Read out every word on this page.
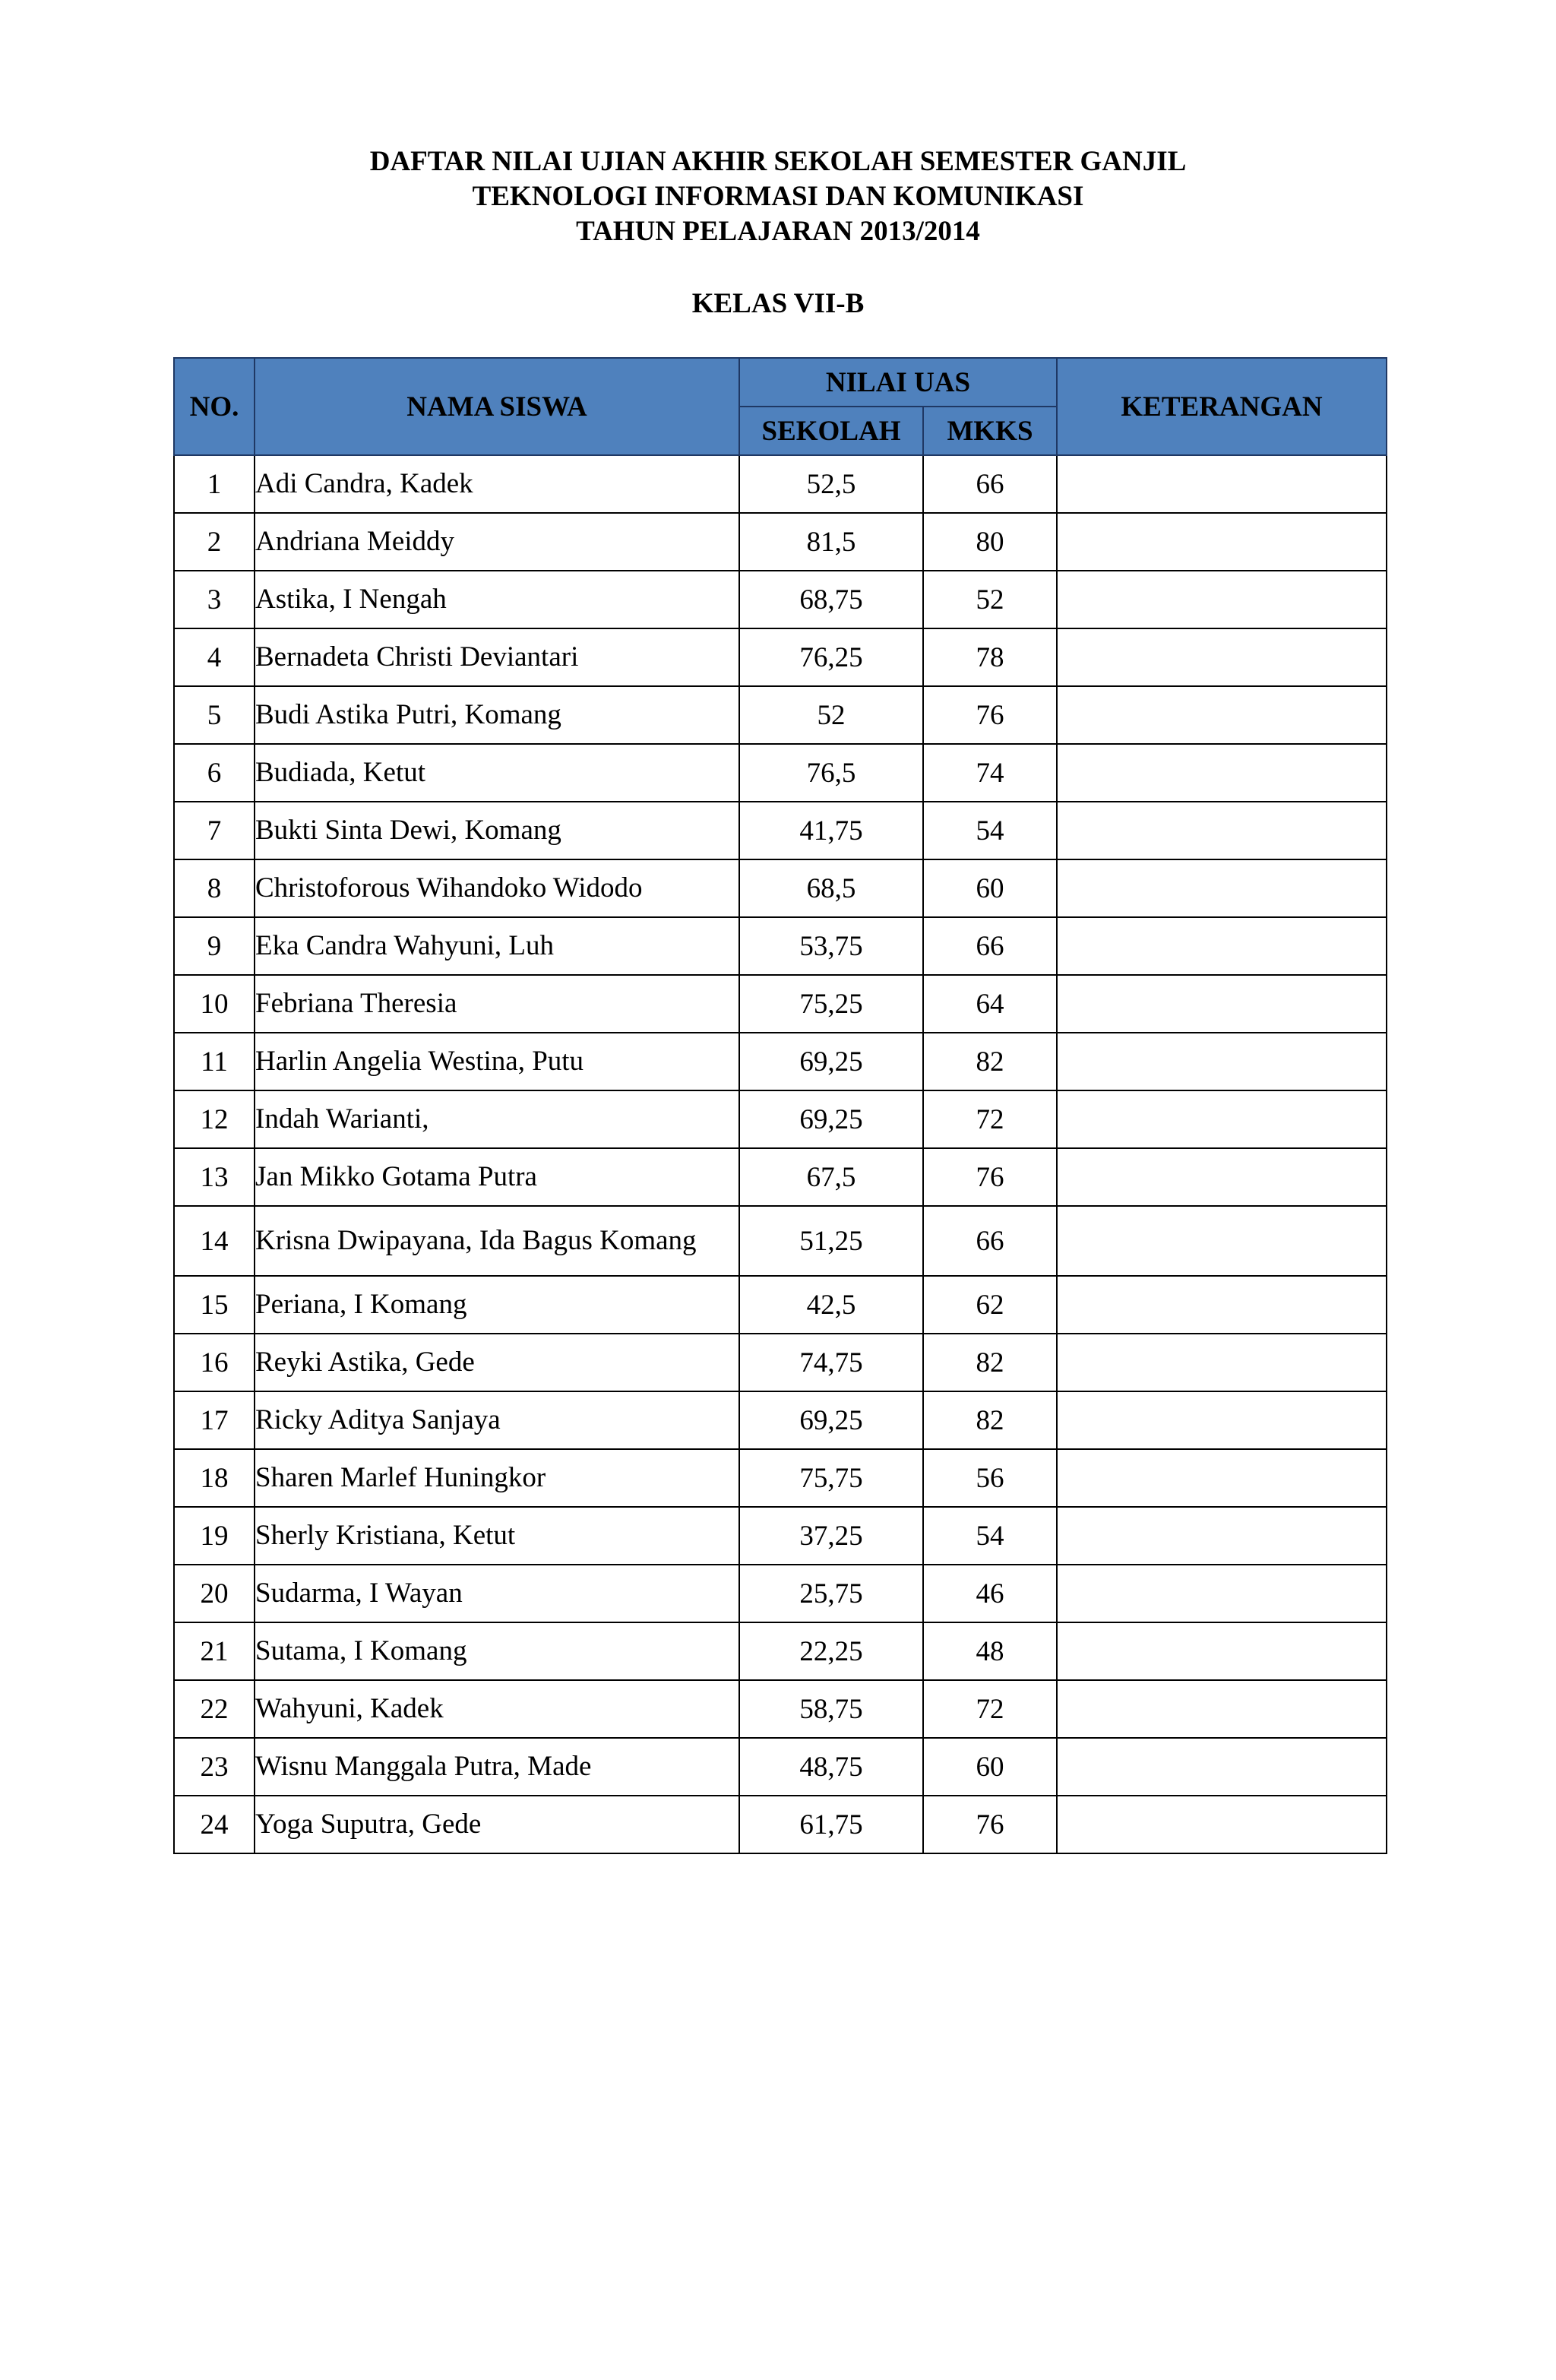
DAFTAR NILAI UJIAN AKHIR SEKOLAH SEMESTER GANJIL
TEKNOLOGI INFORMASI DAN KOMUNIKASI
TAHUN PELAJARAN 2013/2014
KELAS VII-B
NO.	NAMA SISWA	NILAI UAS		KETERANGAN
		SEKOLAH	MKKS	
1	Adi Candra, Kadek	52,5	66	
2	Andriana Meiddy	81,5	80	
3	Astika, I Nengah	68,75	52	
4	Bernadeta Christi Deviantari	76,25	78	
5	Budi Astika Putri, Komang	52	76	
6	Budiada, Ketut	76,5	74	
7	Bukti Sinta Dewi, Komang	41,75	54	
8	Christoforous Wihandoko Widodo	68,5	60	
9	Eka Candra Wahyuni, Luh	53,75	66	
10	Febriana Theresia	75,25	64	
11	Harlin Angelia Westina, Putu	69,25	82	
12	Indah Warianti,	69,25	72	
13	Jan Mikko Gotama Putra	67,5	76	
14	Krisna Dwipayana, Ida Bagus Komang	51,25	66	
15	Periana, I Komang	42,5	62	
16	Reyki Astika, Gede	74,75	82	
17	Ricky Aditya Sanjaya	69,25	82	
18	Sharen Marlef Huningkor	75,75	56	
19	Sherly Kristiana, Ketut	37,25	54	
20	Sudarma, I Wayan	25,75	46	
21	Sutama, I Komang	22,25	48	
22	Wahyuni, Kadek	58,75	72	
23	Wisnu Manggala Putra, Made	48,75	60	
24	Yoga Suputra, Gede	61,75	76	
